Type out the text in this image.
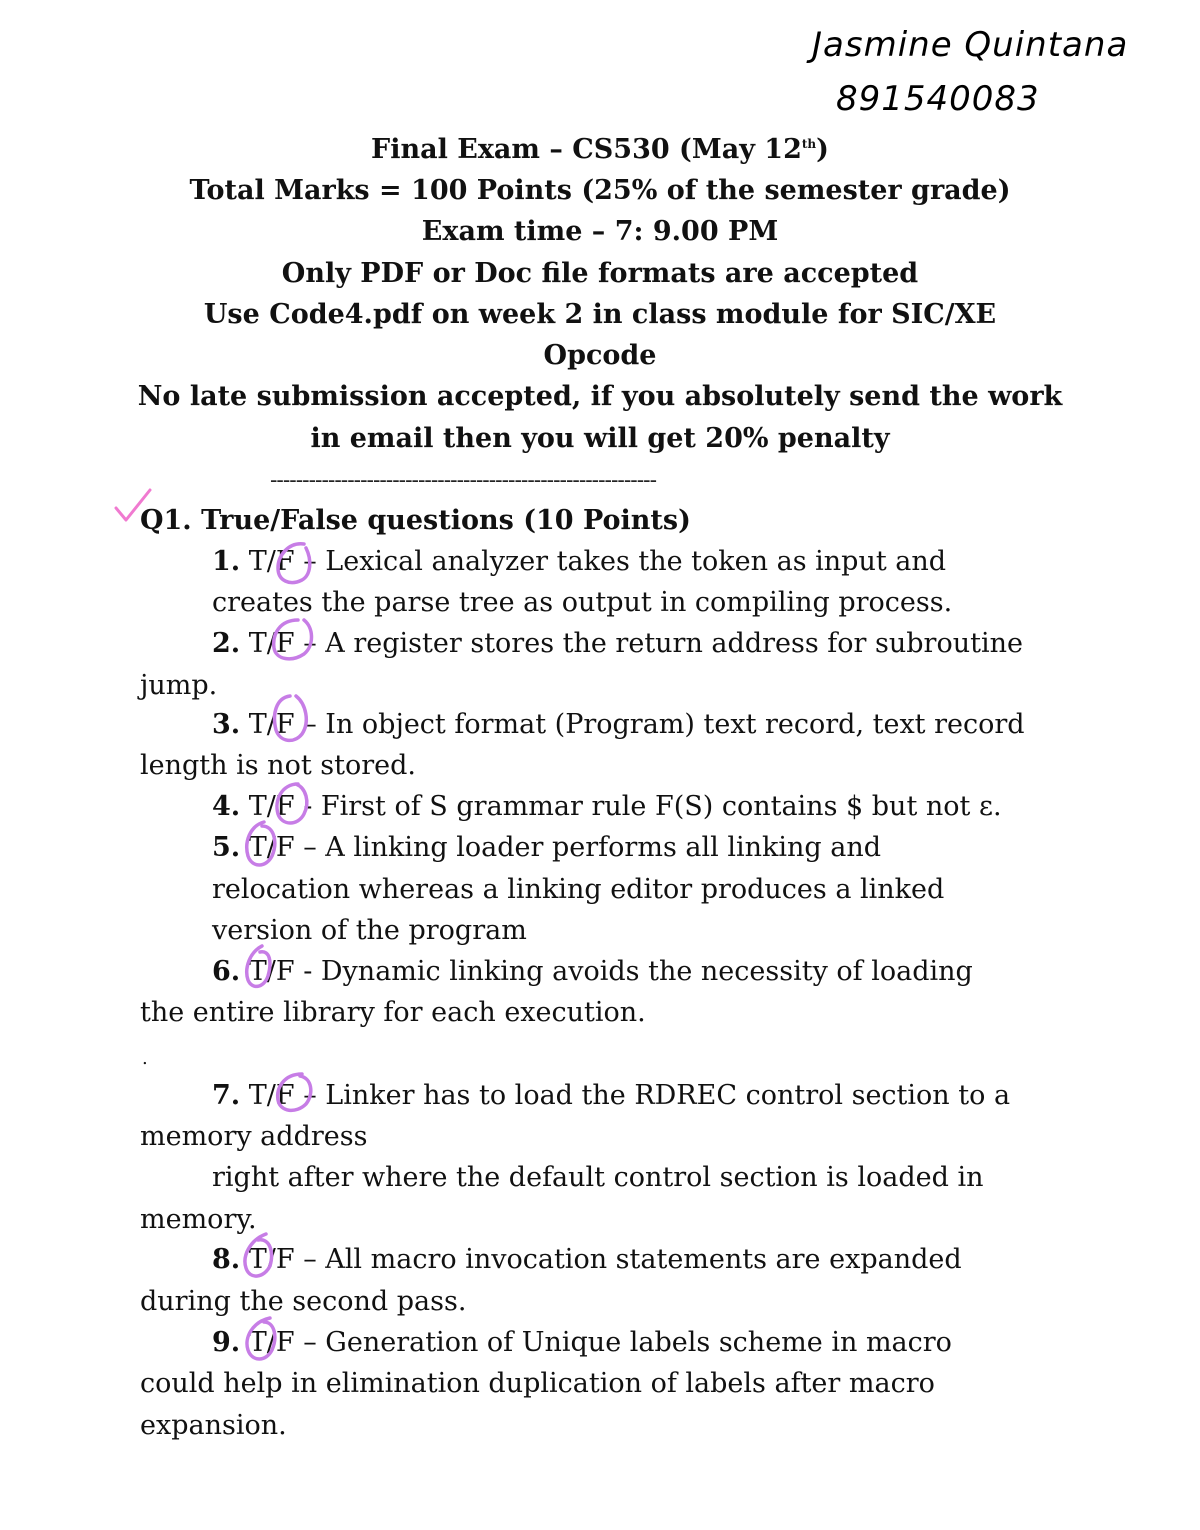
Final Exam – CS530 (May 12th)
Total Marks = 100 Points (25% of the semester grade)
Exam time – 7: 9.00 PM
Only PDF or Doc file formats are accepted
Use Code4.pdf on week 2 in class module for SIC/XE
Opcode
No late submission accepted, if you absolutely send the work
in email then you will get 20% penalty
------------------------------------------------------------
Q1. True/False questions (10 Points)
1. T/F – Lexical analyzer takes the token as input and
creates the parse tree as output in compiling process.
2. T/F – A register stores the return address for subroutine
jump.
3. T/F – In object format (Program) text record, text record
length is not stored.
4. T/F - First of S grammar rule F(S) contains $ but not ε.
5. T/F – A linking loader performs all linking and
relocation whereas a linking editor produces a linked
version of the program
6. T/F - Dynamic linking avoids the necessity of loading
the entire library for each execution.
.
7. T/F – Linker has to load the RDREC control section to a
memory address
right after where the default control section is loaded in
memory.
8. T/F – All macro invocation statements are expanded
during the second pass.
9. T/F – Generation of Unique labels scheme in macro
could help in elimination duplication of labels after macro
expansion.
Jasmine Quintana
891540083
